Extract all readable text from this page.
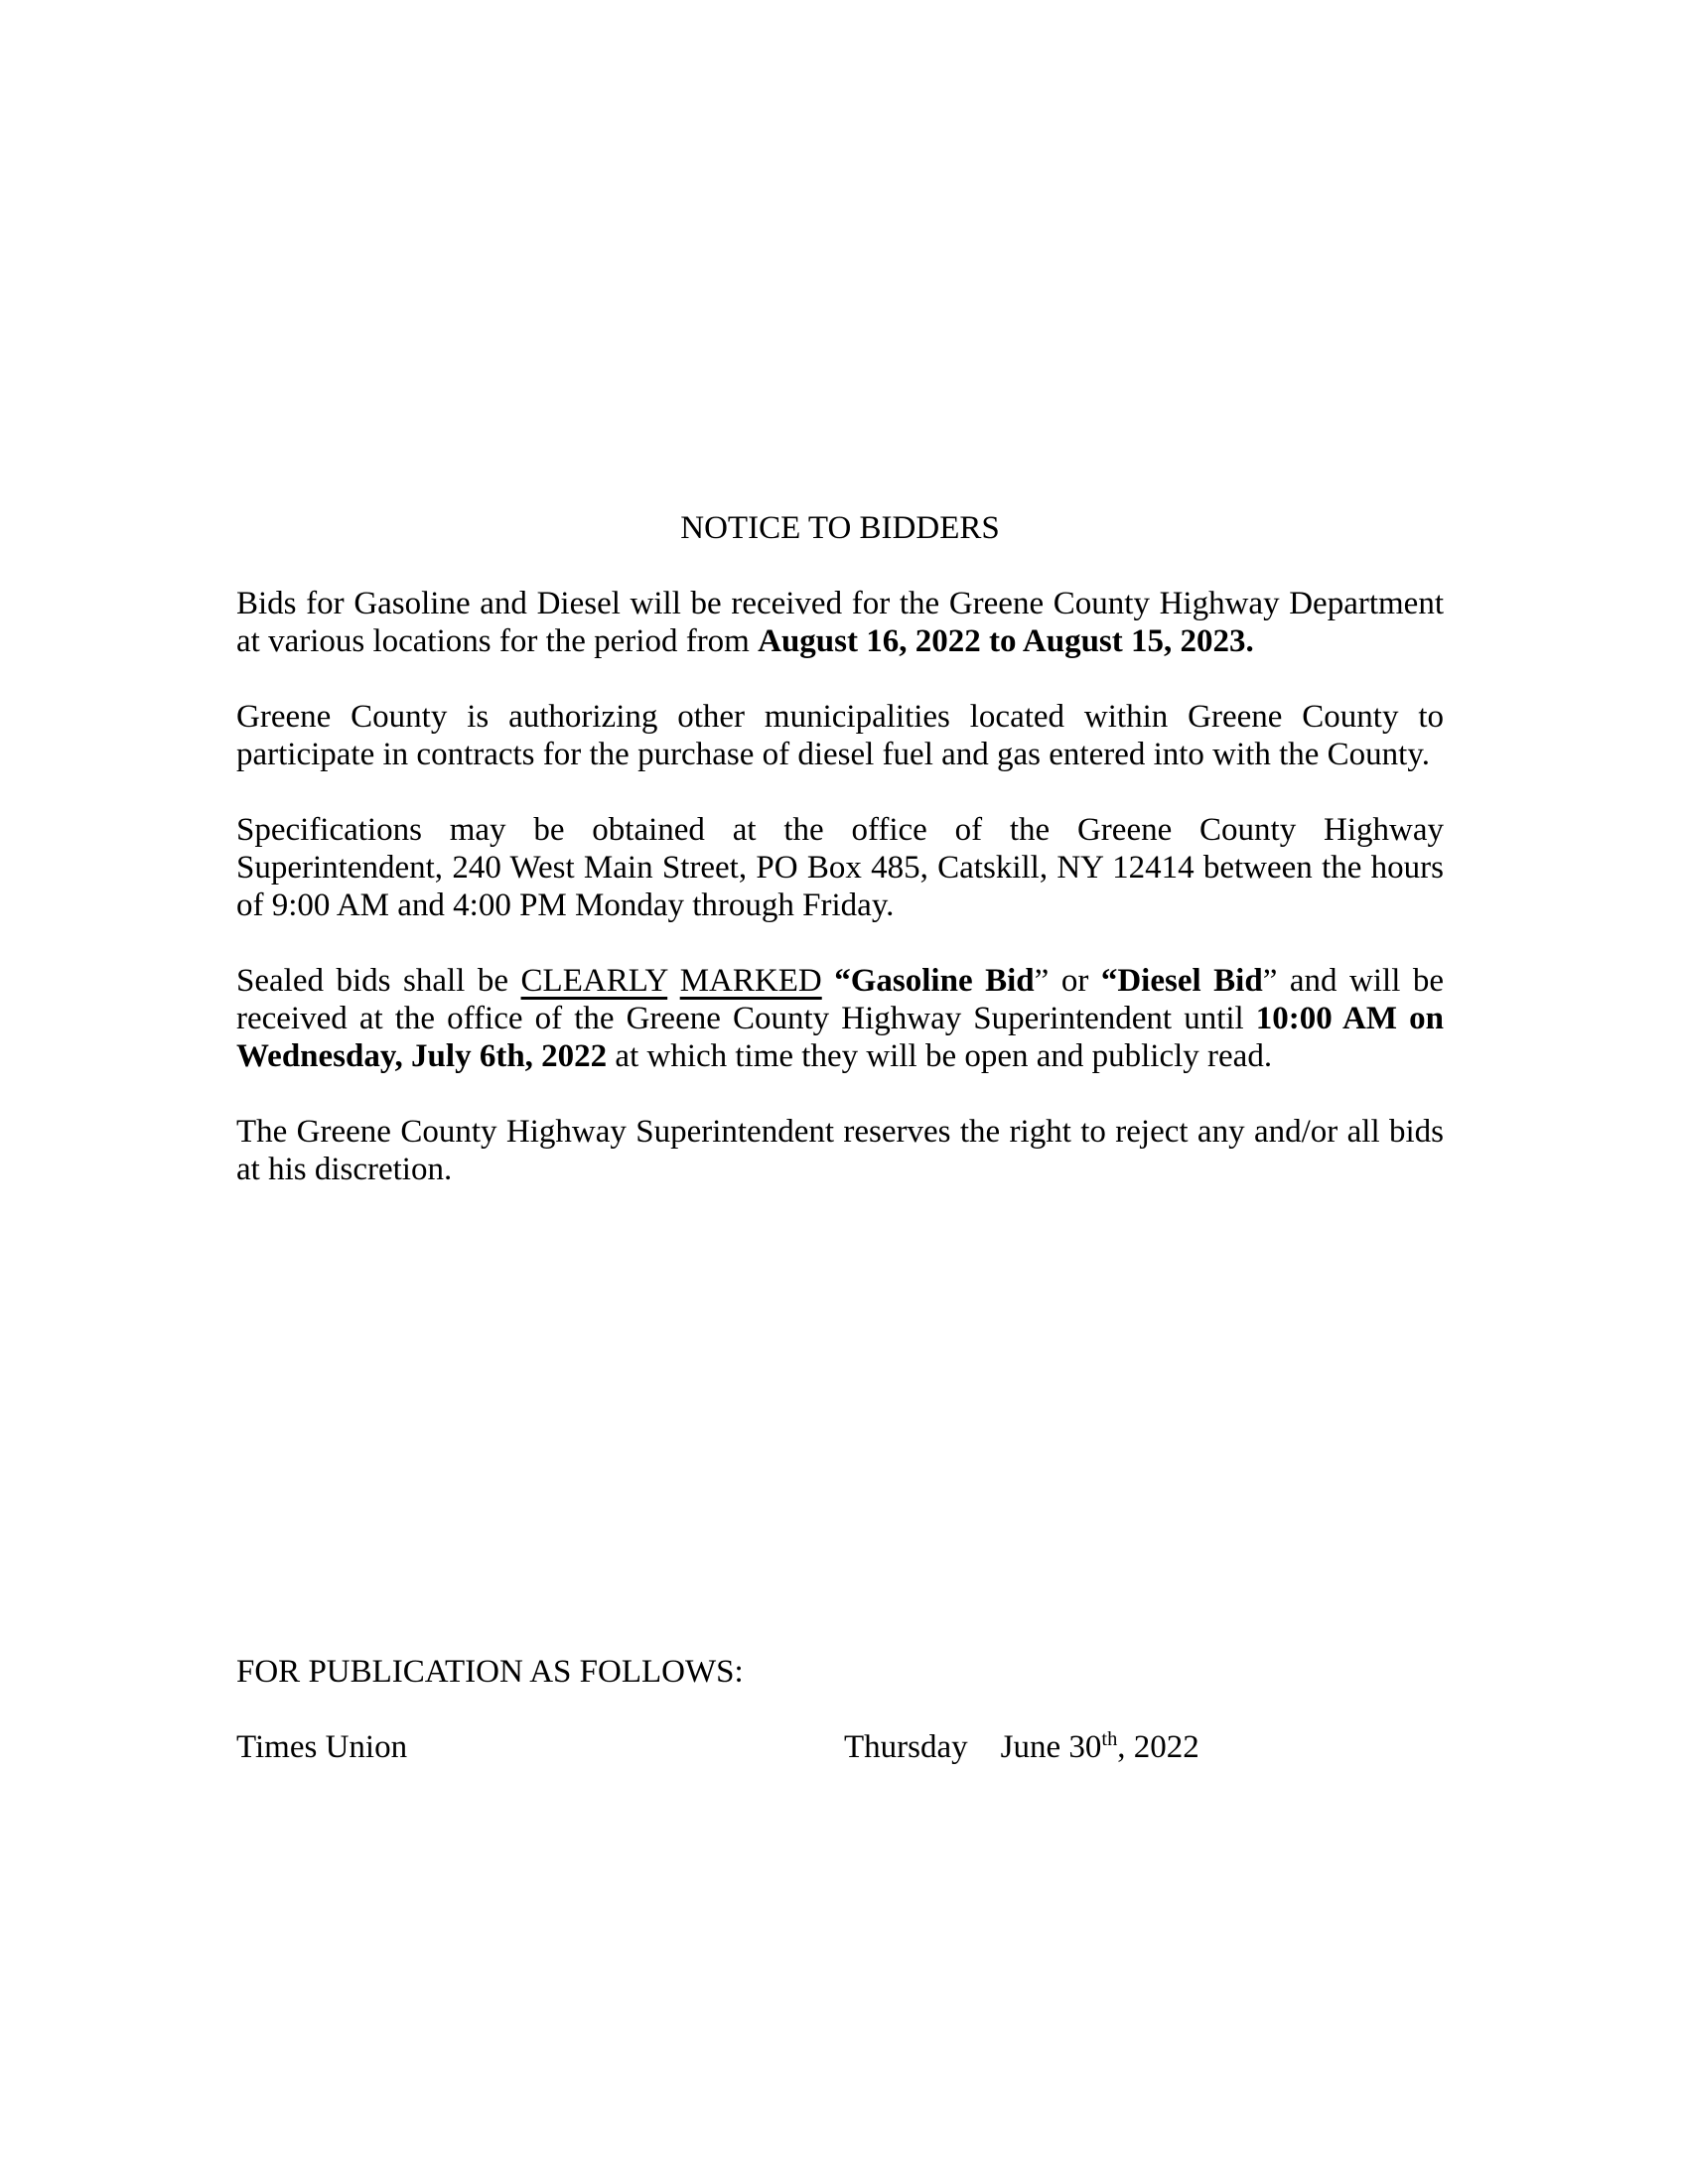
NOTICE TO BIDDERS

Bids for Gasoline and Diesel will be received for the Greene County Highway Department at various locations for the period from August 16, 2022 to August 15, 2023.

Greene County is authorizing other municipalities located within Greene County to participate in contracts for the purchase of diesel fuel and gas entered into with the County.

Specifications may be obtained at the office of the Greene County Highway Superintendent, 240 West Main Street, PO Box 485, Catskill, NY 12414 between the hours of 9:00 AM and 4:00 PM Monday through Friday.

Sealed bids shall be CLEARLY MARKED “Gasoline Bid” or “Diesel Bid” and will be received at the office of the Greene County Highway Superintendent until 10:00 AM on Wednesday, July 6th, 2022 at which time they will be open and publicly read.

The Greene County Highway Superintendent reserves the right to reject any and/or all bids at his discretion.

FOR PUBLICATION AS FOLLOWS:
Times Union	Thursday June 30th, 2022
